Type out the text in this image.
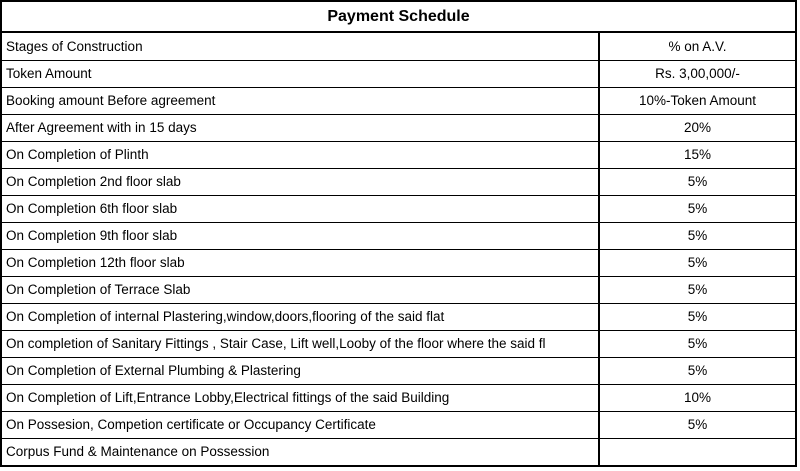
Payment Schedule
Stages of Construction	% on A.V.
Token Amount	Rs. 3,00,000/-
Booking amount Before agreement	10%-Token Amount
After Agreement with in 15 days	20%
On Completion of Plinth	15%
On Completion 2nd floor slab	5%
On Completion 6th floor slab	5%
On Completion 9th floor slab	5%
On Completion 12th floor slab	5%
On Completion of Terrace Slab	5%
On Completion of internal Plastering,window,doors,flooring of the said flat	5%
On completion of Sanitary Fittings , Stair Case, Lift well,Looby of the floor where the said fl	5%
On Completion of External Plumbing & Plastering	5%
On Completion of Lift,Entrance Lobby,Electrical fittings of the said Building	10%
On Possesion, Competion certificate or Occupancy Certificate	5%
Corpus Fund & Maintenance on Possession	
